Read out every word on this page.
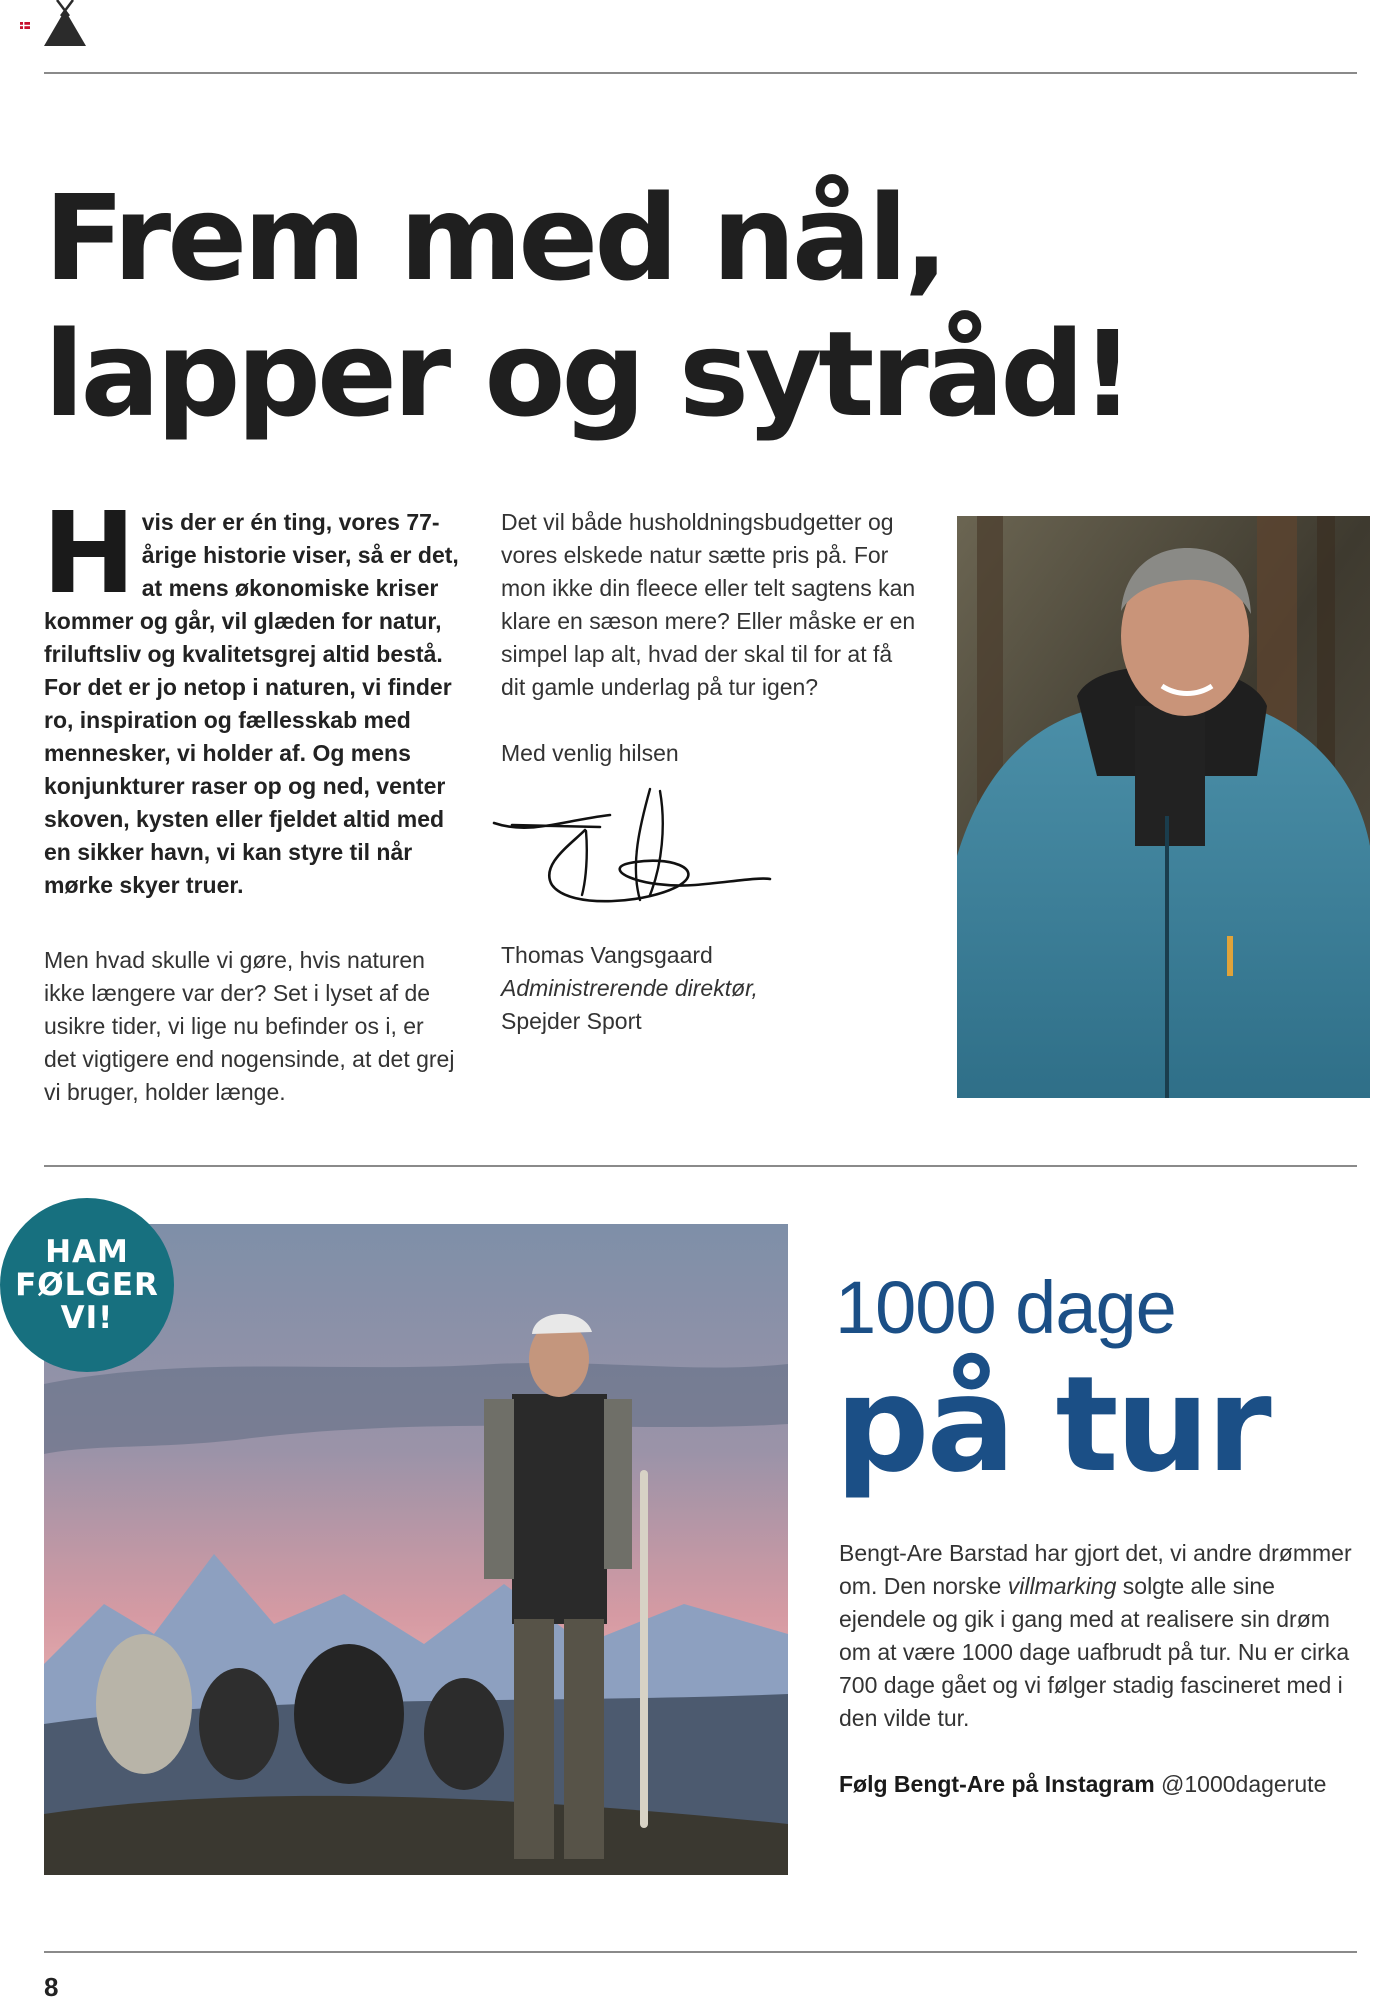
Frem med nål,
lapper og sytråd!

Hvis der er én ting, vores 77-årige historie viser, så er det, at mens økonomiske kriser kommer og går, vil glæden for natur, friluftsliv og kvalitetsgrej altid bestå. For det er jo netop i naturen, vi finder ro, inspiration og fællesskab med mennesker, vi holder af. Og mens konjunkturer raser op og ned, venter skoven, kysten eller fjeldet altid med en sikker havn, vi kan styre til når mørke skyer truer.

Men hvad skulle vi gøre, hvis naturen ikke længere var der? Set i lyset af de usikre tider, vi lige nu befinder os i, er det vigtigere end nogensinde, at det grej vi bruger, holder længe.

Det vil både husholdningsbudgetter og vores elskede natur sætte pris på. For mon ikke din fleece eller telt sagtens kan klare en sæson mere? Eller måske er en simpel lap alt, hvad der skal til for at få dit gamle underlag på tur igen?

Med venlig hilsen

Thomas Vangsgaard
Administrerende direktør,
Spejder Sport
HAM
FØLGER
VI!	1000 dage
på tur

Bengt-Are Barstad har gjort det, vi andre drømmer om. Den norske villmarking solgte alle sine ejendele og gik i gang med at realisere sin drøm om at være 1000 dage uafbrudt på tur. Nu er cirka 700 dage gået og vi følger stadig fascineret med i den vilde tur.

Følg Bengt-Are på Instagram @1000dagerute
8
